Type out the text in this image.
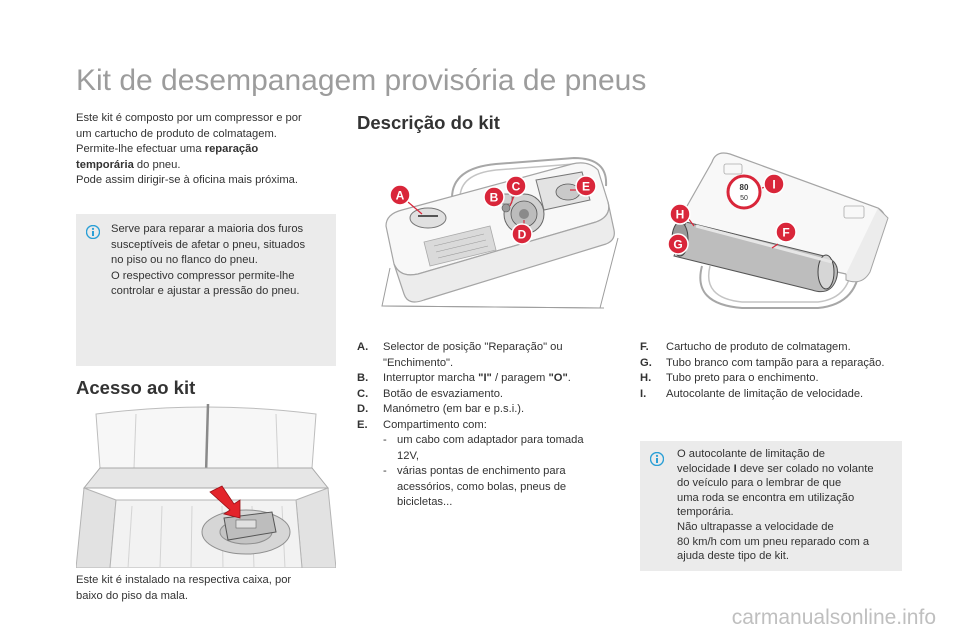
Kit de desempanagem provisória de pneus

Este kit é composto por um compressor e por

um cartucho de produto de colmatagem.

Permite-lhe efectuar uma reparação

temporária do pneu.

Pode assim dirigir-se à oficina mais próxima.

Serve para reparar a maioria dos furos

susceptíveis de afetar o pneu, situados

no piso ou no flanco do pneu.

O respectivo compressor permite-lhe

controlar e ajustar a pressão do pneu.

Acesso ao kit

Este kit é instalado na respectiva caixa, por

baixo do piso da mala.

Descrição do kit
A	B
C
D
E	80
50
I
H
G
F
A.	Selector de posição "Reparação" ou "Enchimento".
B.	Interruptor marcha "I" / paragem "O".
C.	Botão de esvaziamento.
D.	Manómetro (em bar e p.s.i.).
E.	Compartimento com:
- um cabo com adaptador para tomada 12V,
- várias pontas de enchimento para acessórios, como bolas, pneus de bicicletas...
F.	Cartucho de produto de colmatagem.
G.	Tubo branco com tampão para a reparação.
H.	Tubo preto para o enchimento.
I.	Autocolante de limitação de velocidade.

O autocolante de limitação de

velocidade I deve ser colado no volante

do veículo para o lembrar de que

uma roda se encontra em utilização

temporária.

Não ultrapasse a velocidade de

80 km/h com um pneu reparado com a

ajuda deste tipo de kit.

carmanualsonline.info
